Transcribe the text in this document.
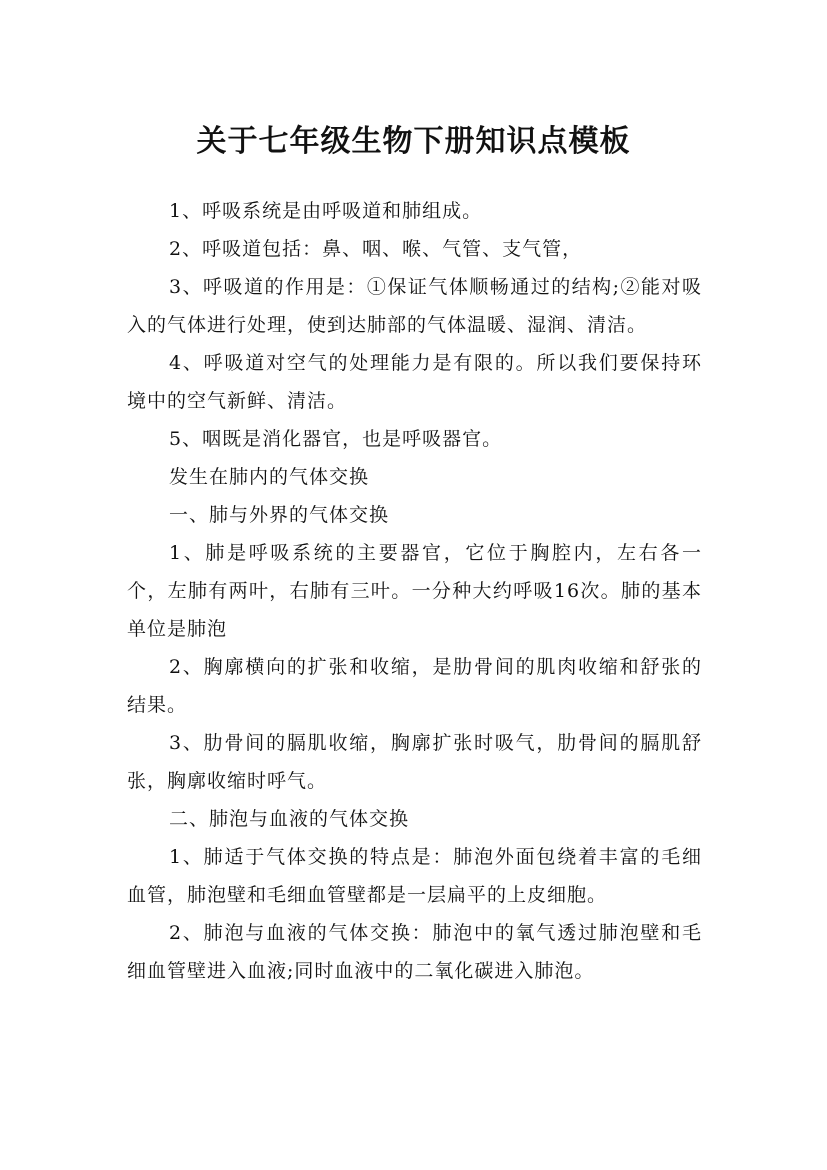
关于七年级生物下册知识点模板

1、呼吸系统是由呼吸道和肺组成。

2、呼吸道包括：鼻、咽、喉、气管、支气管，

3、呼吸道的作用是：①保证气体顺畅通过的结构;②能对吸入的气体进行处理，使到达肺部的气体温暖、湿润、清洁。

4、呼吸道对空气的处理能力是有限的。所以我们要保持环境中的空气新鲜、清洁。

5、咽既是消化器官，也是呼吸器官。

发生在肺内的气体交换

一、肺与外界的气体交换

1、肺是呼吸系统的主要器官，它位于胸腔内，左右各一个，左肺有两叶，右肺有三叶。一分种大约呼吸16次。肺的基本单位是肺泡

2、胸廓横向的扩张和收缩，是肋骨间的肌肉收缩和舒张的结果。

3、肋骨间的膈肌收缩，胸廓扩张时吸气，肋骨间的膈肌舒张，胸廓收缩时呼气。

二、肺泡与血液的气体交换

1、肺适于气体交换的特点是：肺泡外面包绕着丰富的毛细血管，肺泡壁和毛细血管壁都是一层扁平的上皮细胞。

2、肺泡与血液的气体交换：肺泡中的氧气透过肺泡壁和毛细血管壁进入血液;同时血液中的二氧化碳进入肺泡。
